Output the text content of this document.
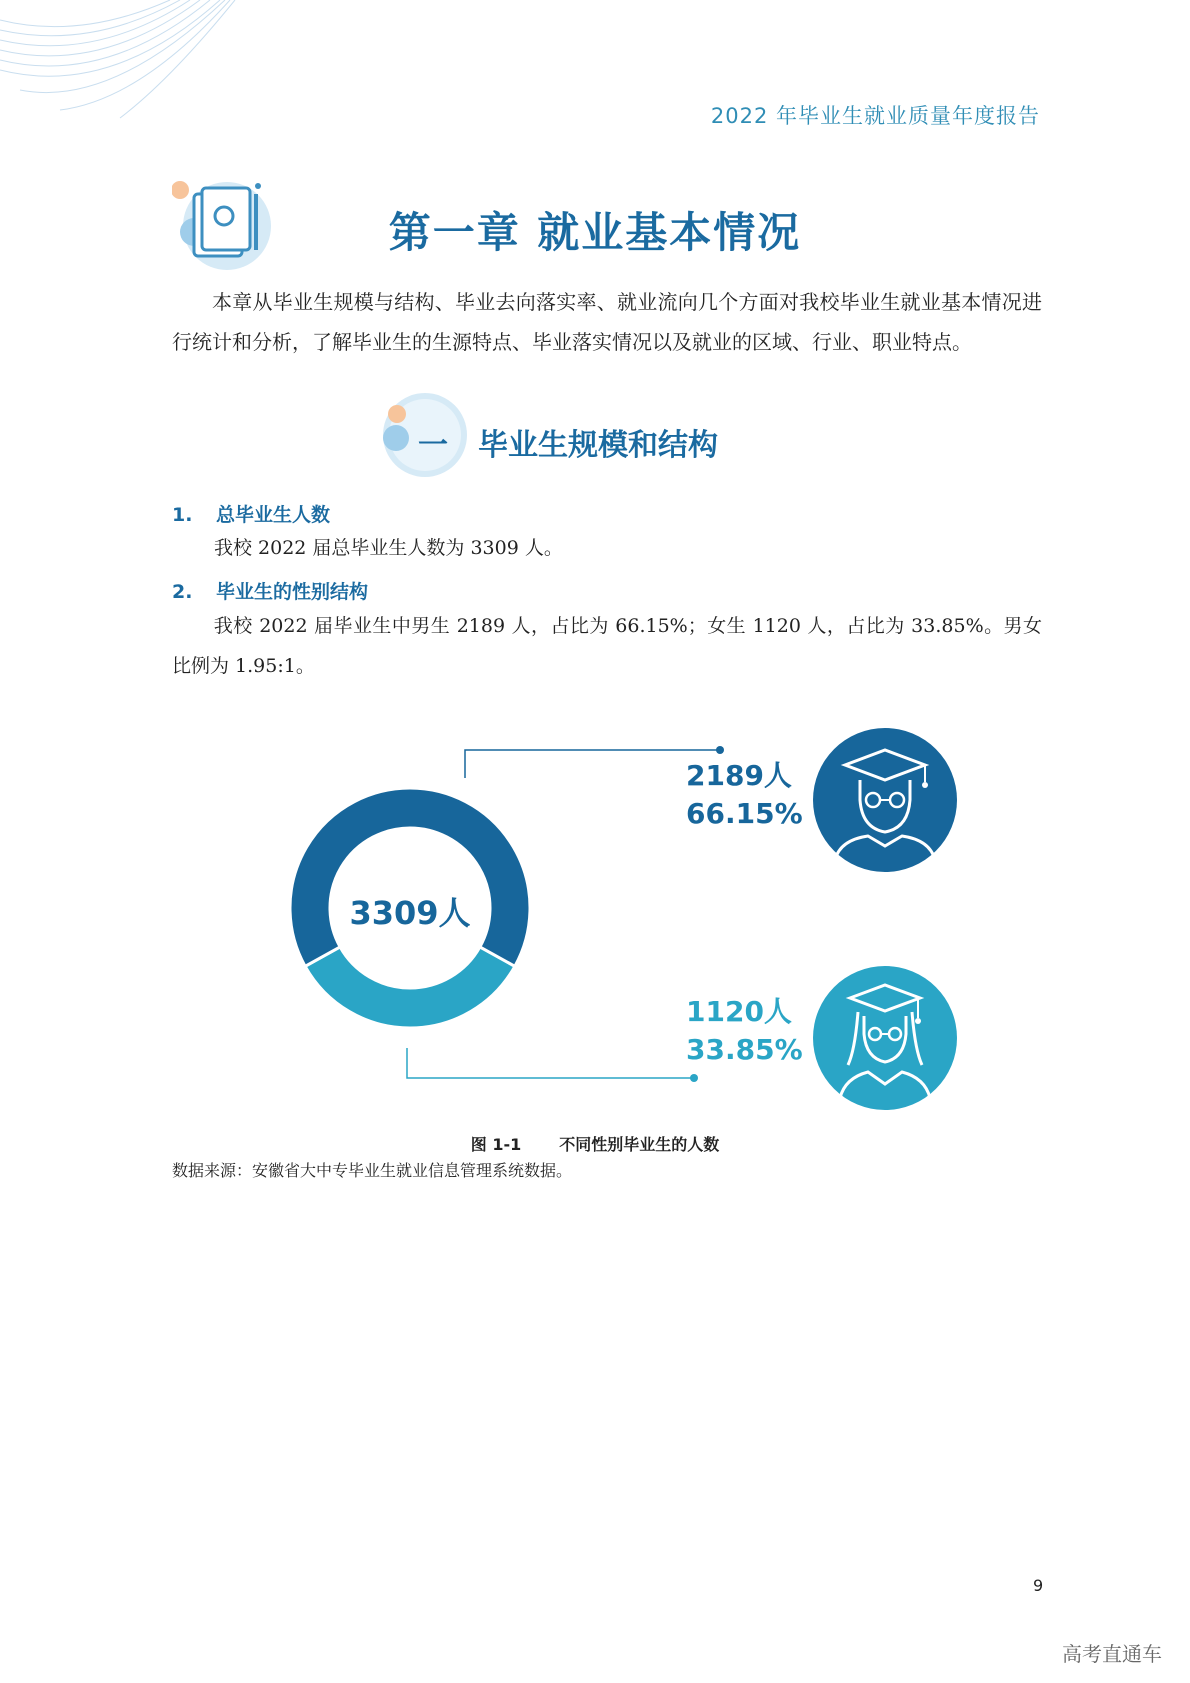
2022 年毕业生就业质量年度报告
第一章 就业基本情况
本章从毕业生规模与结构、毕业去向落实率、就业流向几个方面对我校毕业生就业基本情况进行统计和分析，了解毕业生的生源特点、毕业落实情况以及就业的区域、行业、职业特点。
一 毕业生规模和结构
1. 总毕业生人数
我校 2022 届总毕业生人数为 3309 人。
2. 毕业生的性别结构
我校 2022 届毕业生中男生 2189 人，占比为 66.15%；女生 1120 人，占比为 33.85%。男女比例为 1.95:1。
3309人
2189人
66.15%
1120人
33.85%
图 1-1 不同性别毕业生的人数
数据来源：安徽省大中专毕业生就业信息管理系统数据。
9
高考直通车
